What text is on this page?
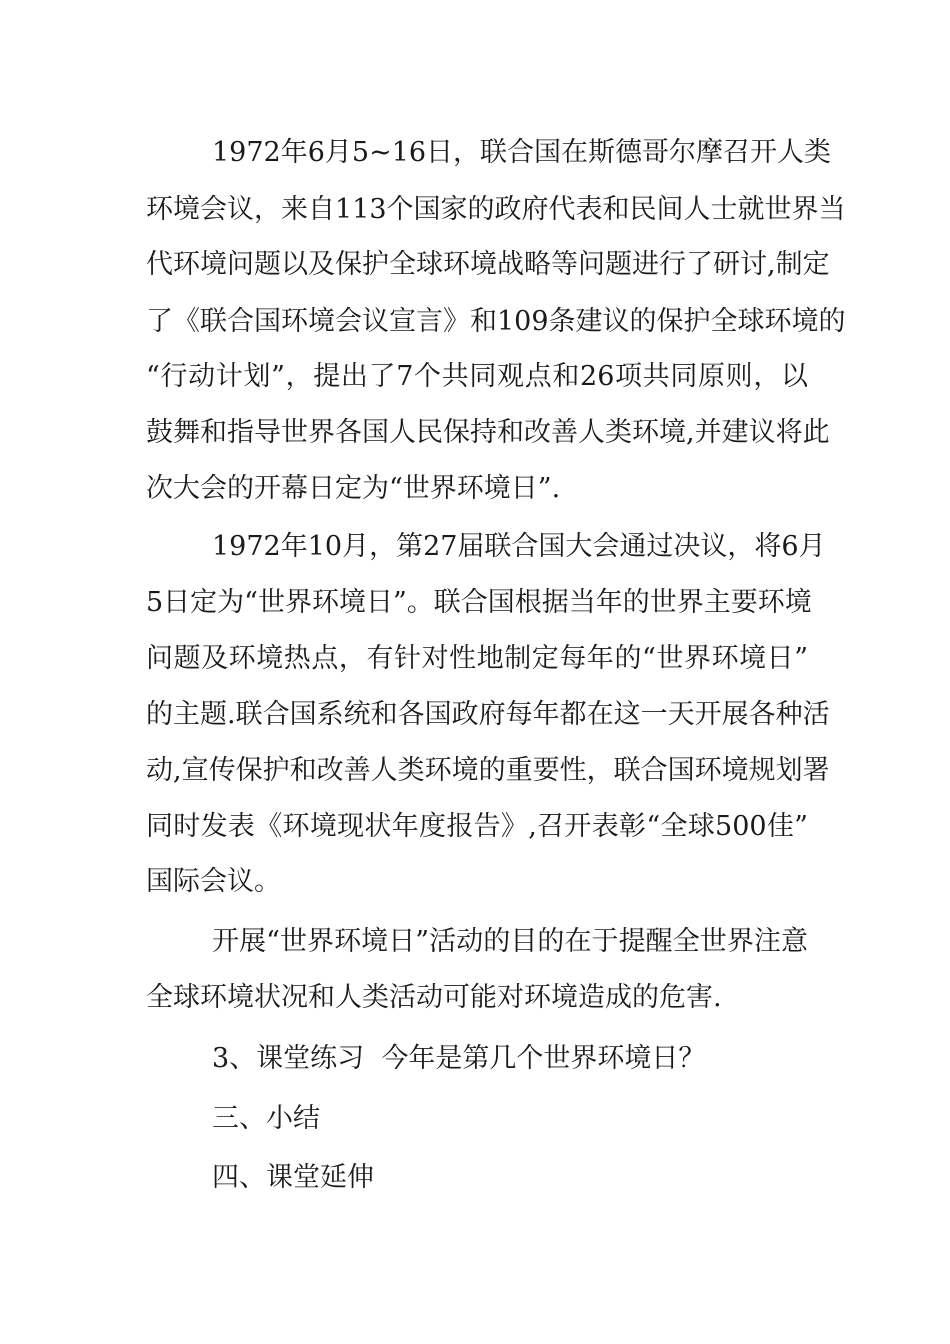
1972年6月5~16日，联合国在斯德哥尔摩召开人类
环境会议，来自113个国家的政府代表和民间人士就世界当
代环境问题以及保护全球环境战略等问题进行了研讨,制定
了《联合国环境会议宣言》和109条建议的保护全球环境的
“行动计划”，提出了7个共同观点和26项共同原则，以
鼓舞和指导世界各国人民保持和改善人类环境,并建议将此
次大会的开幕日定为“世界环境日”.
1972年10月，第27届联合国大会通过决议，将6月
5日定为“世界环境日”。联合国根据当年的世界主要环境
问题及环境热点，有针对性地制定每年的“世界环境日”
的主题.联合国系统和各国政府每年都在这一天开展各种活
动,宣传保护和改善人类环境的重要性，联合国环境规划署
同时发表《环境现状年度报告》,召开表彰“全球500佳”
国际会议。
开展“世界环境日”活动的目的在于提醒全世界注意
全球环境状况和人类活动可能对环境造成的危害.
3、课堂练习  今年是第几个世界环境日？
三、小结
四、课堂延伸
